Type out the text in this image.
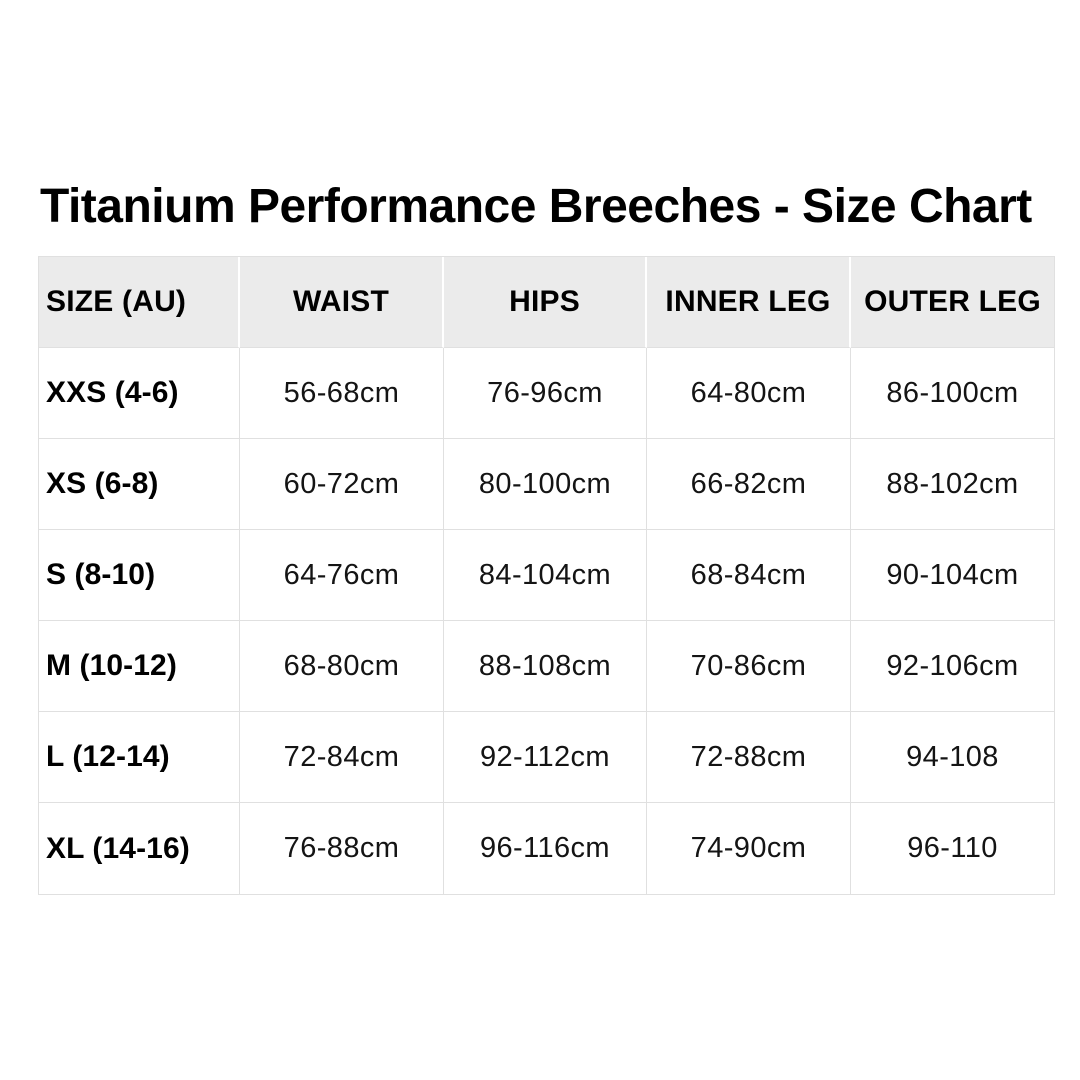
Titanium Performance Breeches - Size Chart
SIZE (AU)	WAIST	HIPS	INNER LEG	OUTER LEG
XXS (4-6)	56-68cm	76-96cm	64-80cm	86-100cm
XS (6-8)	60-72cm	80-100cm	66-82cm	88-102cm
S (8-10)	64-76cm	84-104cm	68-84cm	90-104cm
M (10-12)	68-80cm	88-108cm	70-86cm	92-106cm
L (12-14)	72-84cm	92-112cm	72-88cm	94-108
XL (14-16)	76-88cm	96-116cm	74-90cm	96-110
